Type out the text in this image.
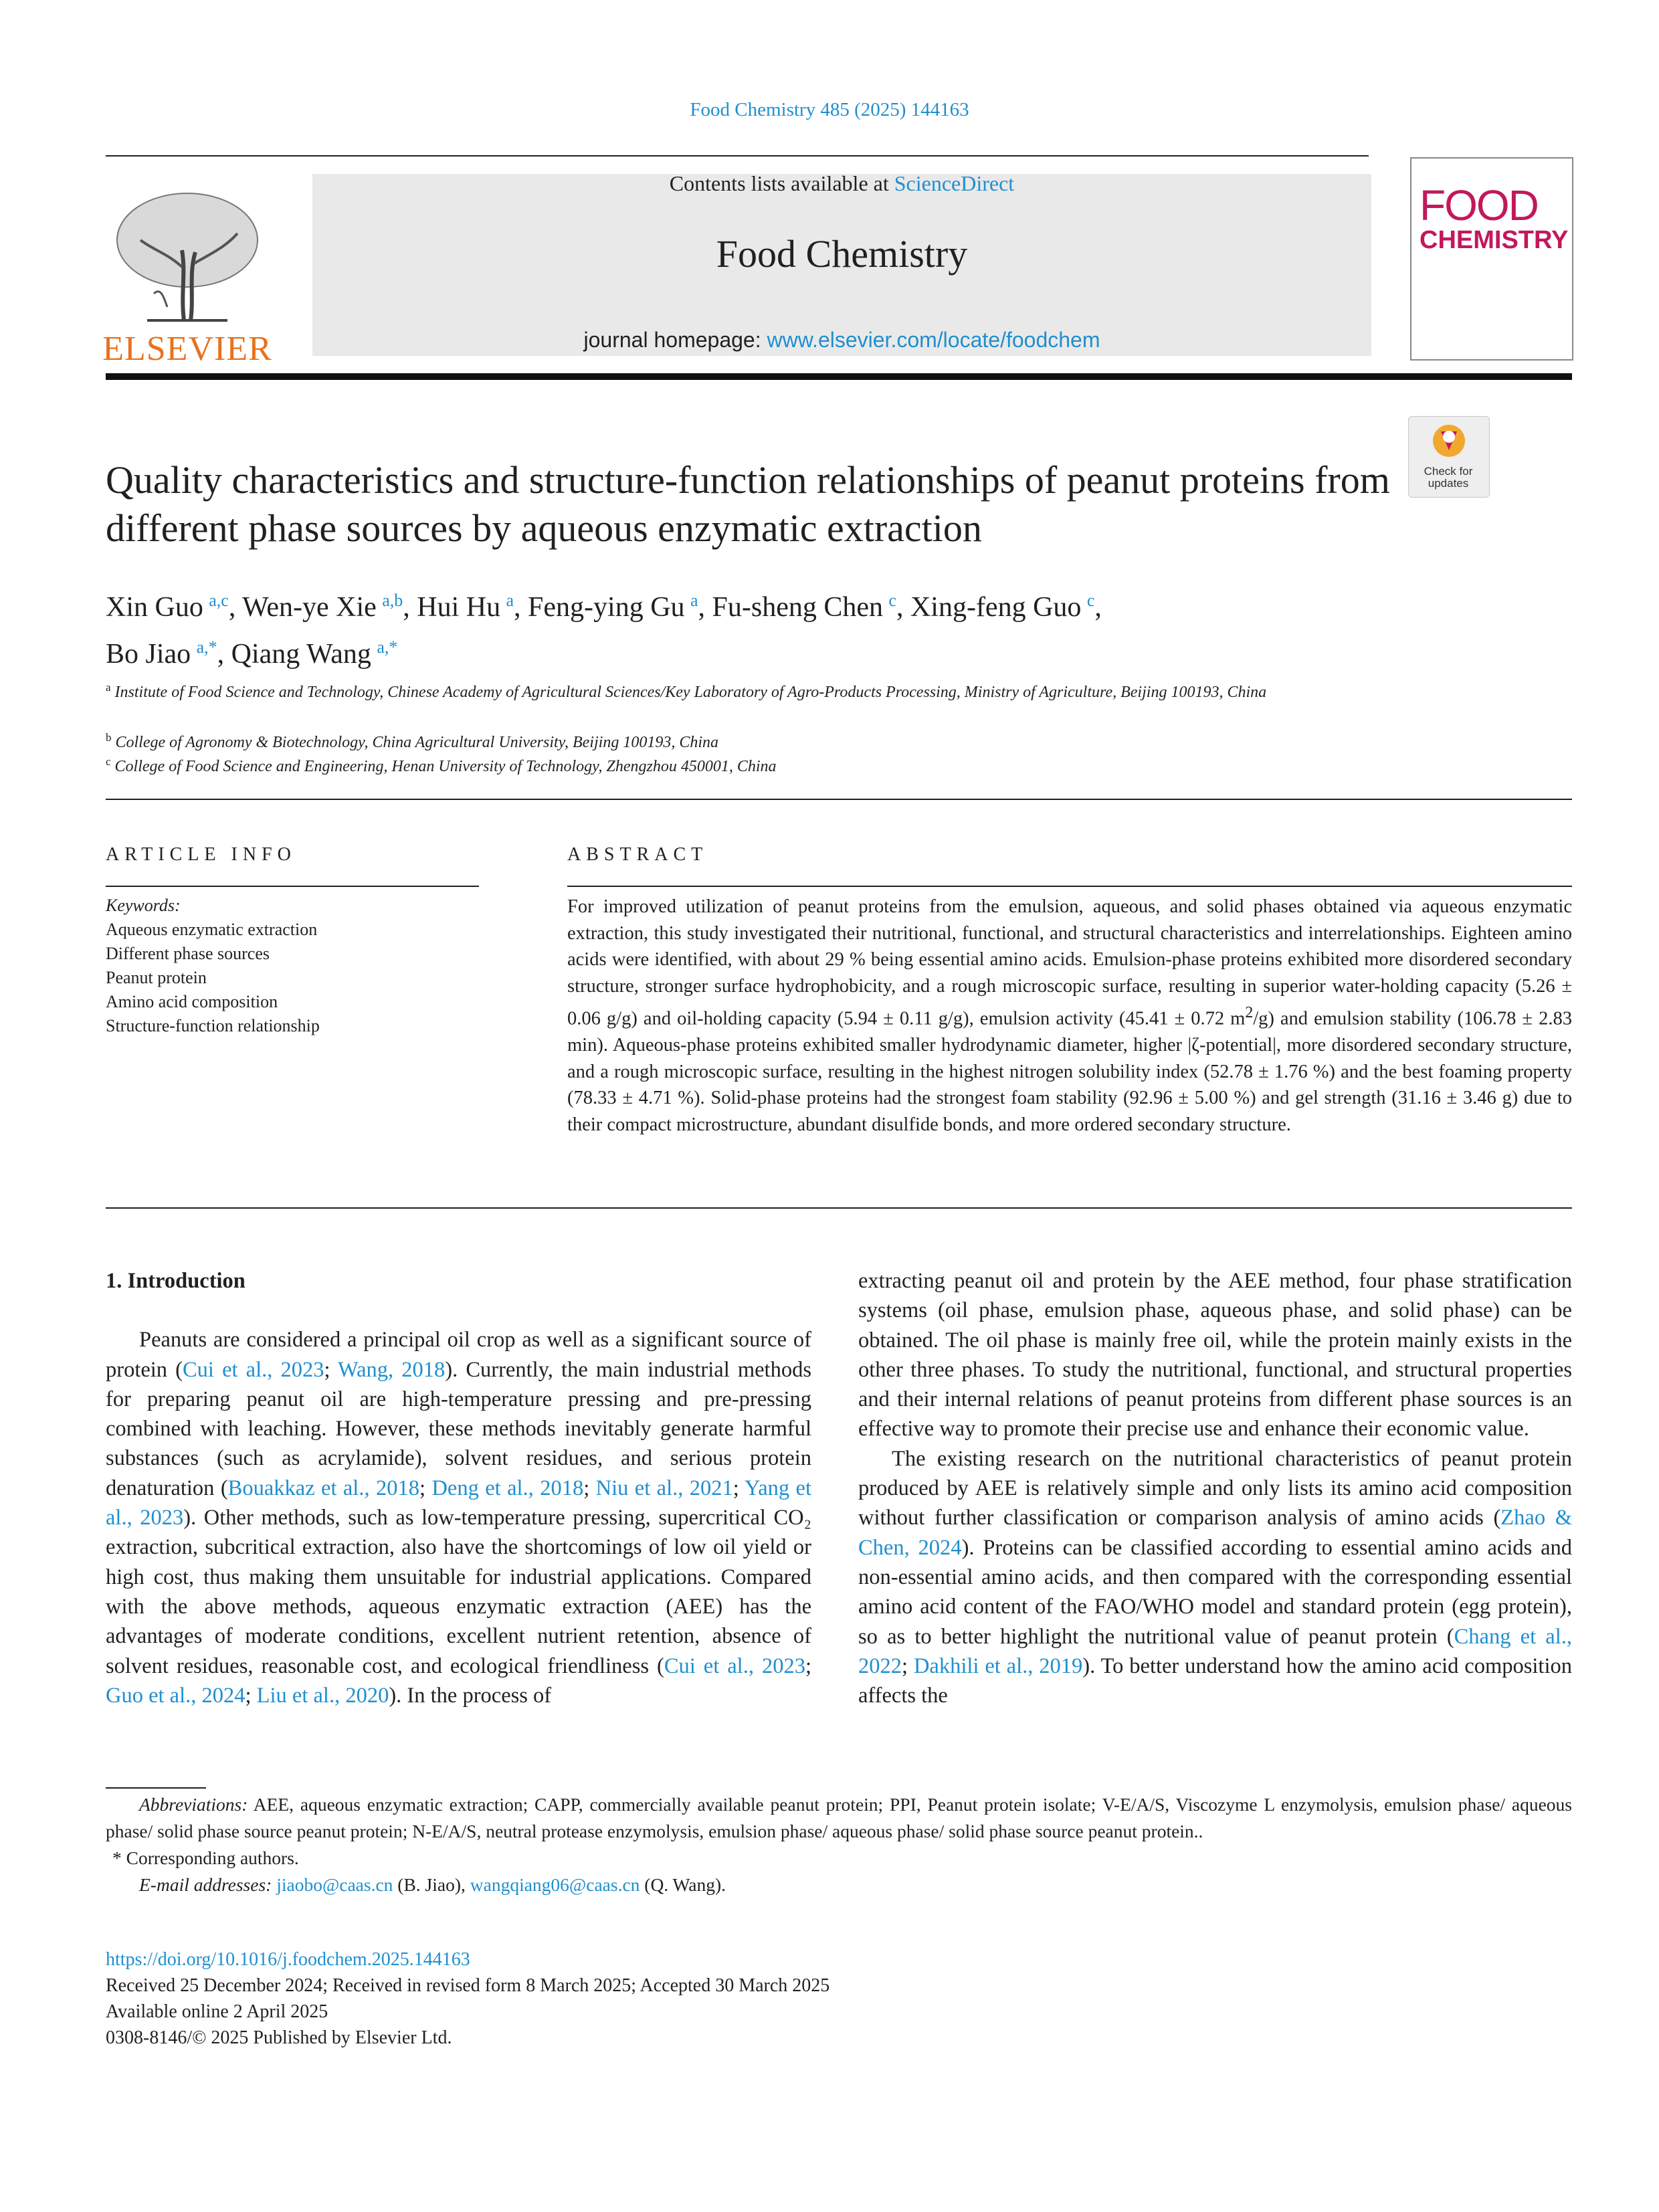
Food Chemistry 485 (2025) 144163
ELSEVIER
Contents lists available at ScienceDirect
Food Chemistry
journal homepage: www.elsevier.com/locate/foodchem
FOOD
CHEMISTRY
Check for updates
Quality characteristics and structure-function relationships of peanut proteins from different phase sources by aqueous enzymatic extraction
Xin Guo $^{a,c}$, Wen-ye Xie $^{a,b}$, Hui Hu $^a$, Feng-ying Gu $^a$, Fu-sheng Chen $^c$, Xing-feng Guo $^c$,
Bo Jiao $^{a,*}$, Qiang Wang $^{a,*}$
$^a$ Institute of Food Science and Technology, Chinese Academy of Agricultural Sciences/Key Laboratory of Agro-Products Processing, Ministry of Agriculture, Beijing 100193, China
$^b$ College of Agronomy & Biotechnology, China Agricultural University, Beijing 100193, China
$^c$ College of Food Science and Engineering, Henan University of Technology, Zhengzhou 450001, China
ARTICLE INFO	ABSTRACT
Keywords:
Aqueous enzymatic extraction
Different phase sources
Peanut protein
Amino acid composition
Structure-function relationship
For improved utilization of peanut proteins from the emulsion, aqueous, and solid phases obtained via aqueous enzymatic extraction, this study investigated their nutritional, functional, and structural characteristics and interrelationships. Eighteen amino acids were identified, with about 29 % being essential amino acids. Emulsion-phase proteins exhibited more disordered secondary structure, stronger surface hydrophobicity, and a rough microscopic surface, resulting in superior water-holding capacity (5.26 ± 0.06 g/g) and oil-holding capacity (5.94 ± 0.11 g/g), emulsion activity (45.41 ± 0.72 $m^2/g$) and emulsion stability (106.78 ± 2.83 min). Aqueous-phase proteins exhibited smaller hydrodynamic diameter, higher |ζ-potential|, more disordered secondary structure, and a rough microscopic surface, resulting in the highest nitrogen solubility index (52.78 ± 1.76 %) and the best foaming property (78.33 ± 4.71 %). Solid-phase proteins had the strongest foam stability (92.96 ± 5.00 %) and gel strength (31.16 ± 3.46 g) due to their compact microstructure, abundant disulfide bonds, and more ordered secondary structure.
1. Introduction

Peanuts are considered a principal oil crop as well as a significant source of protein (Cui et al., 2023; Wang, 2018). Currently, the main industrial methods for preparing peanut oil are high-temperature pressing and pre-pressing combined with leaching. However, these methods inevitably generate harmful substances (such as acrylamide), solvent residues, and serious protein denaturation (Bouakkaz et al., 2018; Deng et al., 2018; Niu et al., 2021; Yang et al., 2023). Other methods, such as low-temperature pressing, supercritical CO₂ extraction, subcritical extraction, also have the shortcomings of low oil yield or high cost, thus making them unsuitable for industrial applications. Compared with the above methods, aqueous enzymatic extraction (AEE) has the advantages of moderate conditions, excellent nutrient retention, absence of solvent residues, reasonable cost, and ecological friendliness (Cui et al., 2023; Guo et al., 2024; Liu et al., 2020). In the process of

extracting peanut oil and protein by the AEE method, four phase stratification systems (oil phase, emulsion phase, aqueous phase, and solid phase) can be obtained. The oil phase is mainly free oil, while the protein mainly exists in the other three phases. To study the nutritional, functional, and structural properties and their internal relations of peanut proteins from different phase sources is an effective way to promote their precise use and enhance their economic value.

The existing research on the nutritional characteristics of peanut protein produced by AEE is relatively simple and only lists its amino acid composition without further classification or comparison analysis of amino acids (Zhao & Chen, 2024). Proteins can be classified according to essential amino acids and non-essential amino acids, and then compared with the corresponding essential amino acid content of the FAO/WHO model and standard protein (egg protein), so as to better highlight the nutritional value of peanut protein (Chang et al., 2022; Dakhili et al., 2019). To better understand how the amino acid composition affects the

Abbreviations: AEE, aqueous enzymatic extraction; CAPP, commercially available peanut protein; PPI, Peanut protein isolate; V-E/A/S, Viscozyme L enzymolysis, emulsion phase/ aqueous phase/ solid phase source peanut protein; N-E/A/S, neutral protease enzymolysis, emulsion phase/ aqueous phase/ solid phase source peanut protein..

* Corresponding authors.

E-mail addresses: jiaobo@caas.cn (B. Jiao), wangqiang06@caas.cn (Q. Wang).

https://doi.org/10.1016/j.foodchem.2025.144163
Received 25 December 2024; Received in revised form 8 March 2025; Accepted 30 March 2025
Available online 2 April 2025
0308-8146/© 2025 Published by Elsevier Ltd.
